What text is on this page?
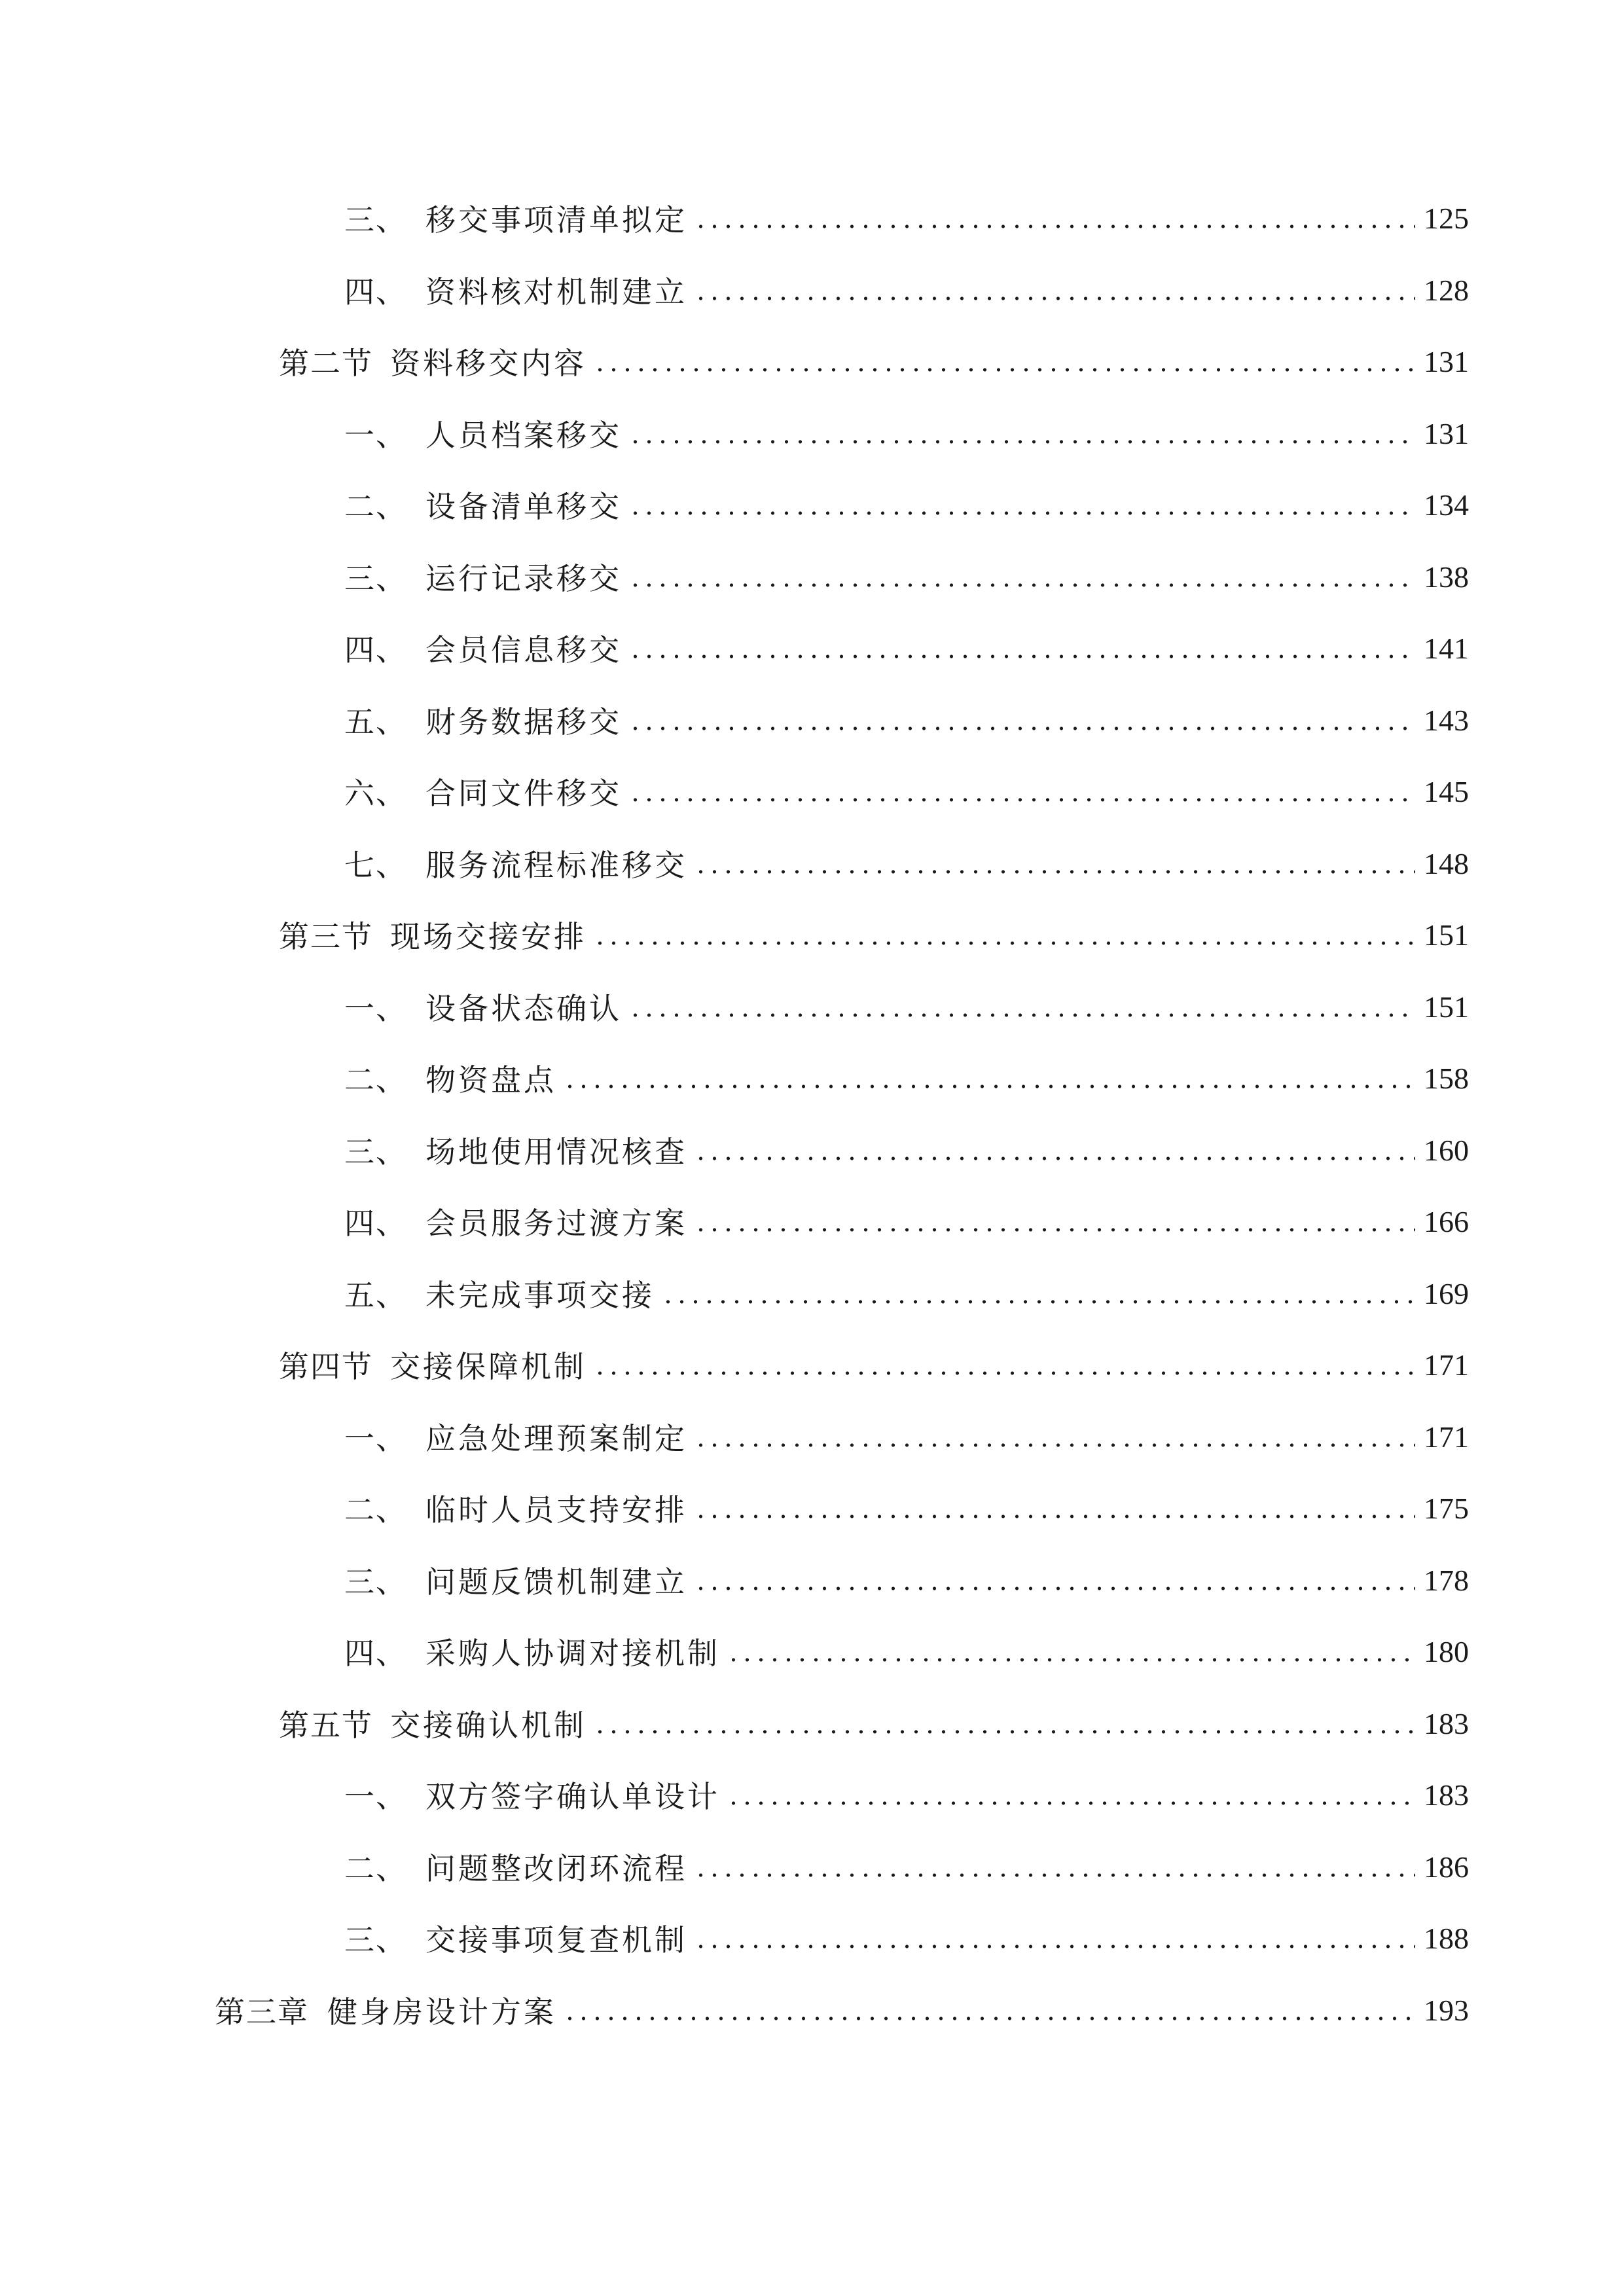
三、 移交事项清单拟定	125
四、 资料核对机制建立	128
第二节 资料移交内容	131
一、 人员档案移交	131
二、 设备清单移交	134
三、 运行记录移交	138
四、 会员信息移交	141
五、 财务数据移交	143
六、 合同文件移交	145
七、 服务流程标准移交	148
第三节 现场交接安排	151
一、 设备状态确认	151
二、 物资盘点	158
三、 场地使用情况核查	160
四、 会员服务过渡方案	166
五、 未完成事项交接	169
第四节 交接保障机制	171
一、 应急处理预案制定	171
二、 临时人员支持安排	175
三、 问题反馈机制建立	178
四、 采购人协调对接机制	180
第五节 交接确认机制	183
一、 双方签字确认单设计	183
二、 问题整改闭环流程	186
三、 交接事项复查机制	188
第三章 健身房设计方案	193
